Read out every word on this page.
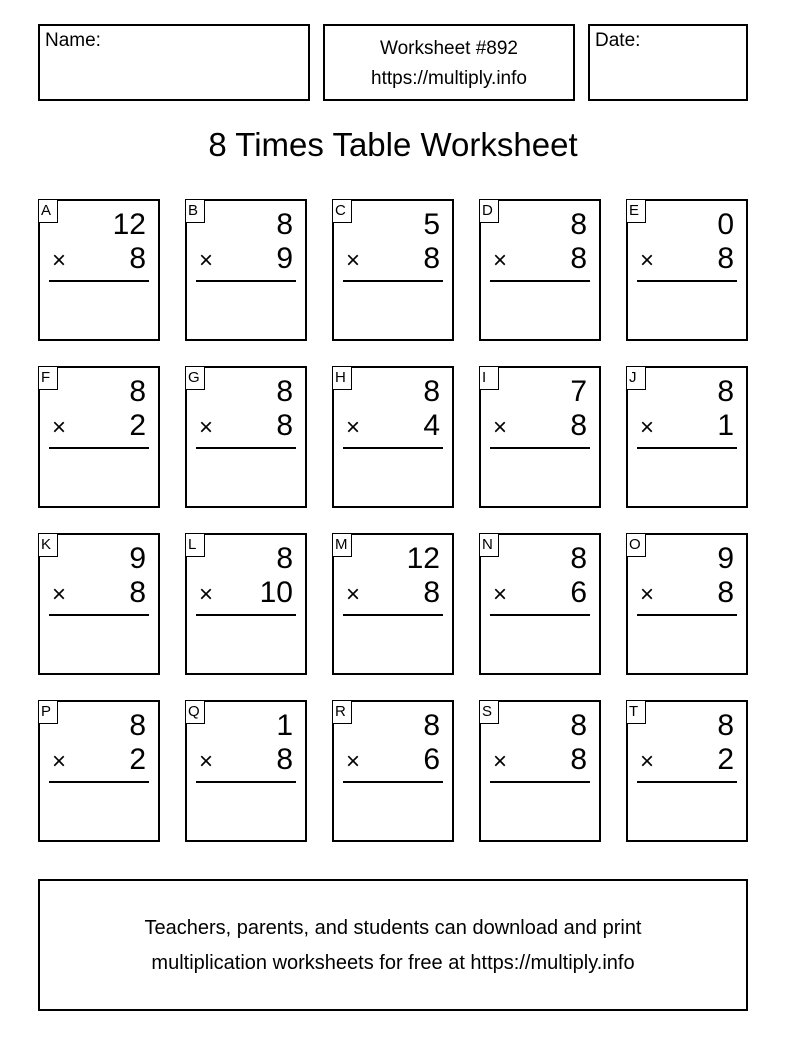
Name:	Worksheet #892
https://multiply.info
Date:
8 Times Table Worksheet
A 12
× 8
B	8
× 9
C	5
× 8
D	8
× 8
E	0
× 8
F	8
× 2
G	8
× 8
H	8
× 4
I	7
× 8
J	8
× 1
K	9
× 8
L	8
× 10
M 12
× 8
N	8
× 6
O	9
× 8
P	8
× 2
Q	1
× 8
R	8
× 6
S	8
× 8
T	8
× 2
Teachers, parents, and students can download and print
multiplication worksheets for free at https://multiply.info
